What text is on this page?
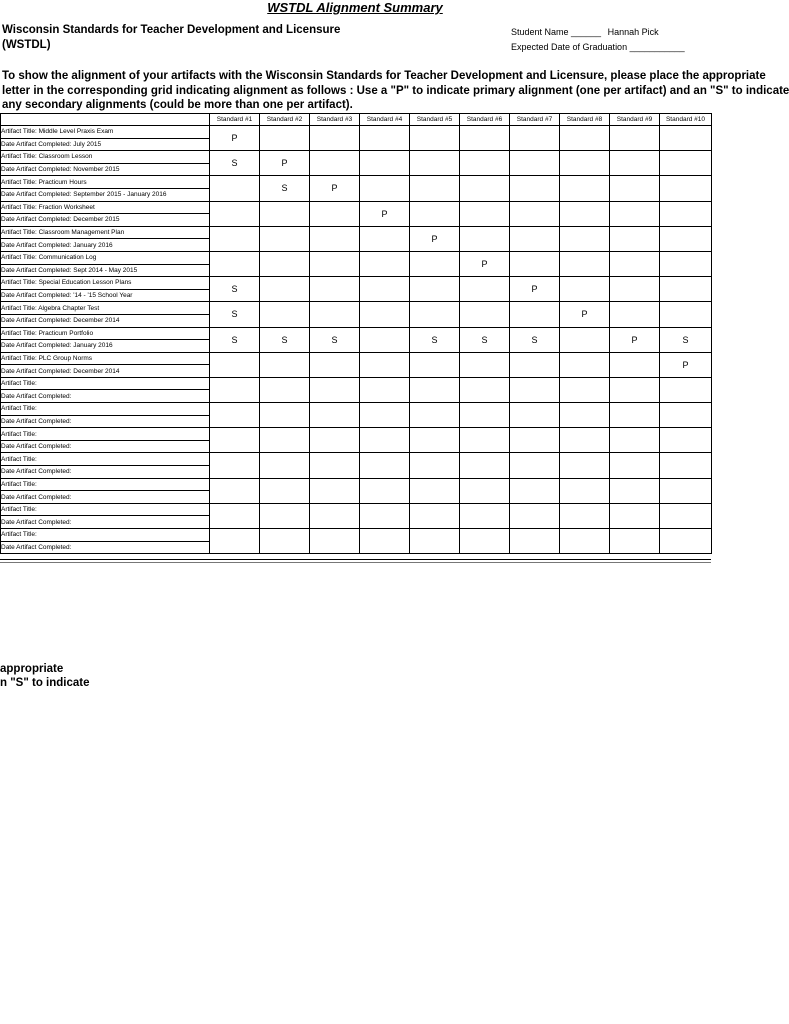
WSTDL Alignment Summary
Wisconsin Standards for Teacher Development and Licensure
(WSTDL)
Student Name ______ Hannah Pick
Expected Date of Graduation ___________
To show the alignment of your artifacts with the Wisconsin Standards for Teacher Development and Licensure, please place the appropriate
letter in the corresponding grid indicating alignment as follows : Use a "P" to indicate primary alignment (one per artifact) and an "S" to indicate
any secondary alignments (could be more than one per artifact).
	Standard #1	Standard #2	Standard #3	Standard #4	Standard #5	Standard #6	Standard #7	Standard #8	Standard #9	Standard #10
Artifact Title: Middle Level Praxis Exam	P									
Date Artifact Completed: July 2015										
Artifact Title: Classroom Lesson	S	P								
Date Artifact Completed: November 2015										
Artifact Title: Practicum Hours		S	P							
Date Artifact Completed: September 2015 - January 2016										
Artifact Title: Fraction Worksheet				P						
Date Artifact Completed: December 2015										
Artifact Title: Classroom Management Plan					P					
Date Artifact Completed: January 2016										
Artifact Title: Communication Log						P				
Date Artifact Completed: Sept 2014 - May 2015										
Artifact Title: Special Education Lesson Plans	S						P			
Date Artifact Completed: '14 - '15 School Year										
Artifact Title: Algebra Chapter Test	S							P		
Date Artifact Completed: December 2014										
Artifact Title: Practicum Portfolio	S	S	S		S	S	S		P	S
Date Artifact Completed: January 2016										
Artifact Title: PLC Group Norms										P
Date Artifact Completed: December 2014										
Artifact Title:										
Date Artifact Completed:										
Artifact Title:										
Date Artifact Completed:										
Artifact Title:										
Date Artifact Completed:										
Artifact Title:										
Date Artifact Completed:										
Artifact Title:										
Date Artifact Completed:										
Artifact Title:										
Date Artifact Completed:										
Artifact Title:										
Date Artifact Completed:										
appropriate
n "S" to indicate
